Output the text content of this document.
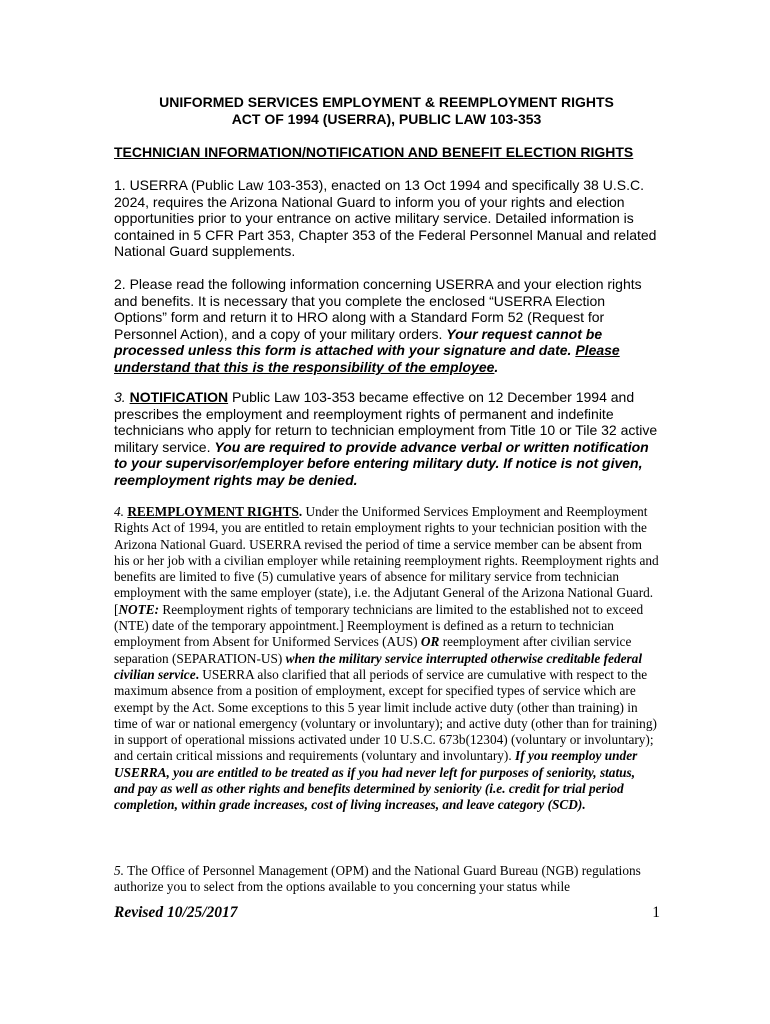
UNIFORMED SERVICES EMPLOYMENT & REEMPLOYMENT RIGHTS
ACT OF 1994 (USERRA), PUBLIC LAW 103-353
TECHNICIAN INFORMATION/NOTIFICATION AND BENEFIT ELECTION RIGHTS

1. USERRA (Public Law 103-353), enacted on 13 Oct 1994 and specifically 38 U.S.C. 2024, requires the Arizona National Guard to inform you of your rights and election opportunities prior to your entrance on active military service. Detailed information is contained in 5 CFR Part 353, Chapter 353 of the Federal Personnel Manual and related National Guard supplements.

2. Please read the following information concerning USERRA and your election rights and benefits. It is necessary that you complete the enclosed “USERRA Election Options” form and return it to HRO along with a Standard Form 52 (Request for Personnel Action), and a copy of your military orders. Your request cannot be processed unless this form is attached with your signature and date. Please understand that this is the responsibility of the employee.

3. NOTIFICATION Public Law 103-353 became effective on 12 December 1994 and prescribes the employment and reemployment rights of permanent and indefinite technicians who apply for return to technician employment from Title 10 or Tile 32 active military service. You are required to provide advance verbal or written notification to your supervisor/employer before entering military duty. If notice is not given, reemployment rights may be denied.

4. REEMPLOYMENT RIGHTS. Under the Uniformed Services Employment and Reemployment Rights Act of 1994, you are entitled to retain employment rights to your technician position with the Arizona National Guard. USERRA revised the period of time a service member can be absent from his or her job with a civilian employer while retaining reemployment rights. Reemployment rights and benefits are limited to five (5) cumulative years of absence for military service from technician employment with the same employer (state), i.e. the Adjutant General of the Arizona National Guard. [NOTE: Reemployment rights of temporary technicians are limited to the established not to exceed (NTE) date of the temporary appointment.] Reemployment is defined as a return to technician employment from Absent for Uniformed Services (AUS) OR reemployment after civilian service separation (SEPARATION-US) when the military service interrupted otherwise creditable federal civilian service. USERRA also clarified that all periods of service are cumulative with respect to the maximum absence from a position of employment, except for specified types of service which are exempt by the Act. Some exceptions to this 5 year limit include active duty (other than training) in time of war or national emergency (voluntary or involuntary); and active duty (other than for training) in support of operational missions activated under 10 U.S.C. 673b(12304) (voluntary or involuntary); and certain critical missions and requirements (voluntary and involuntary). If you reemploy under USERRA, you are entitled to be treated as if you had never left for purposes of seniority, status, and pay as well as other rights and benefits determined by seniority (i.e. credit for trial period completion, within grade increases, cost of living increases, and leave category (SCD).

5. The Office of Personnel Management (OPM) and the National Guard Bureau (NGB) regulations authorize you to select from the options available to you concerning your status while

Revised 10/25/2017	1
